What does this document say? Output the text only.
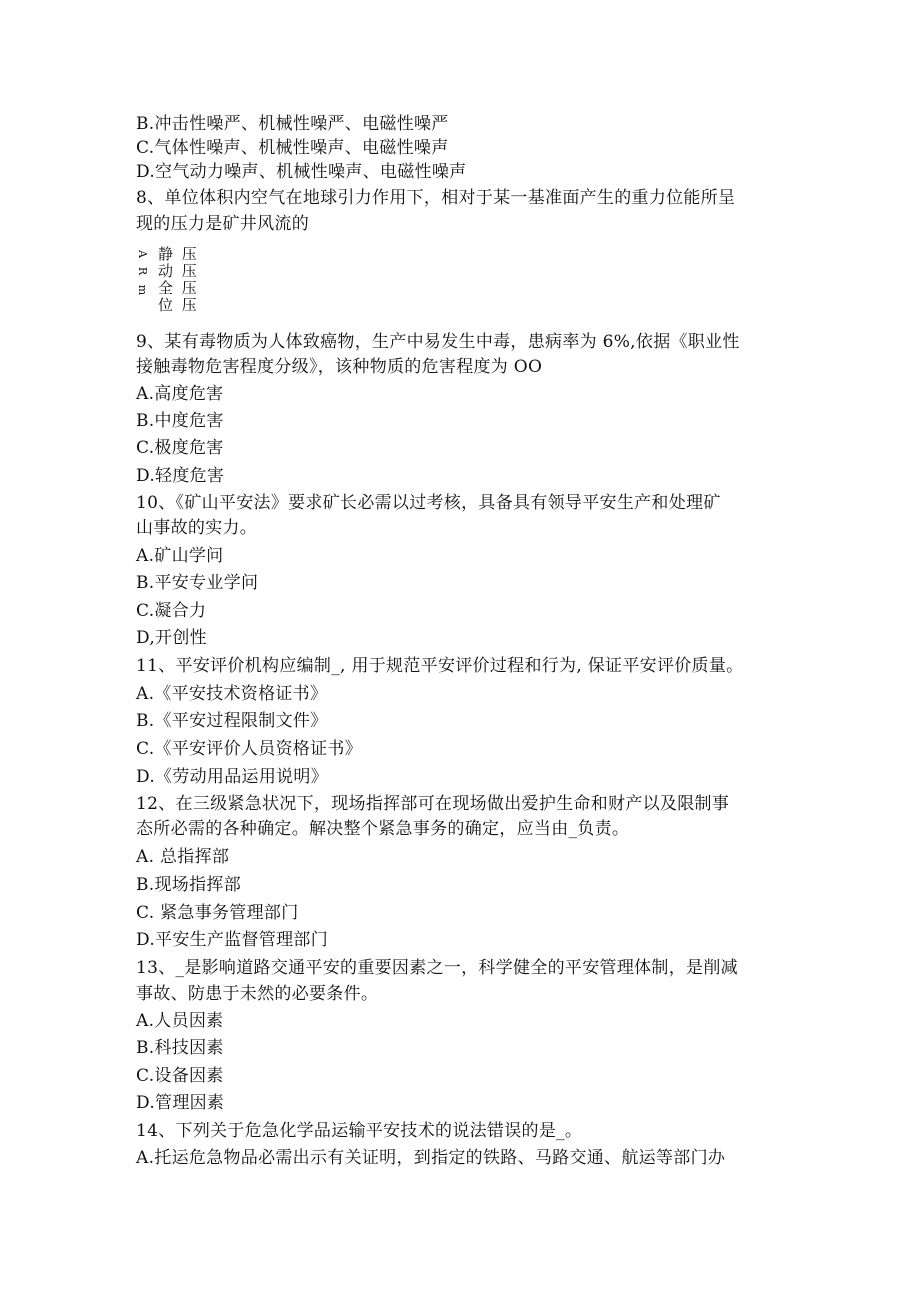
B.冲击性噪严、机械性噪严、电磁性噪严
C.气体性噪声、机械性噪声、电磁性噪声
D.空气动力噪声、机械性噪声、电磁性噪声
8、单位体积内空气在地球引力作用下，相对于某一基准面产生的重力位能所呈
现的压力是矿井风流的
A
R
m
静 压
动 压
全 压
位 压
9、某有毒物质为人体致癌物，生产中易发生中毒，患病率为 6%,依据《职业性
接触毒物危害程度分级》，该种物质的危害程度为 OO
A.高度危害
B.中度危害
C.极度危害
D.轻度危害
10、《矿山平安法》要求矿长必需以过考核，具备具有领导平安生产和处理矿
山事故的实力。
A.矿山学问
B.平安专业学问
C.凝合力
D,开创性
11、平安评价机构应编制_, 用于规范平安评价过程和行为, 保证平安评价质量。
A.《平安技术资格证书》
B.《平安过程限制文件》
C.《平安评价人员资格证书》
D.《劳动用品运用说明》
12、在三级紧急状况下，现场指挥部可在现场做出爱护生命和财产以及限制事
态所必需的各种确定。解决整个紧急事务的确定，应当由_负责。
A. 总指挥部
B.现场指挥部
C. 紧急事务管理部门
D.平安生产监督管理部门
13、_是影响道路交通平安的重要因素之一，科学健全的平安管理体制，是削减
事故、防患于未然的必要条件。
A.人员因素
B.科技因素
C.设备因素
D.管理因素
14、下列关于危急化学品运输平安技术的说法错误的是_。
A.托运危急物品必需出示有关证明，到指定的铁路、马路交通、航运等部门办
